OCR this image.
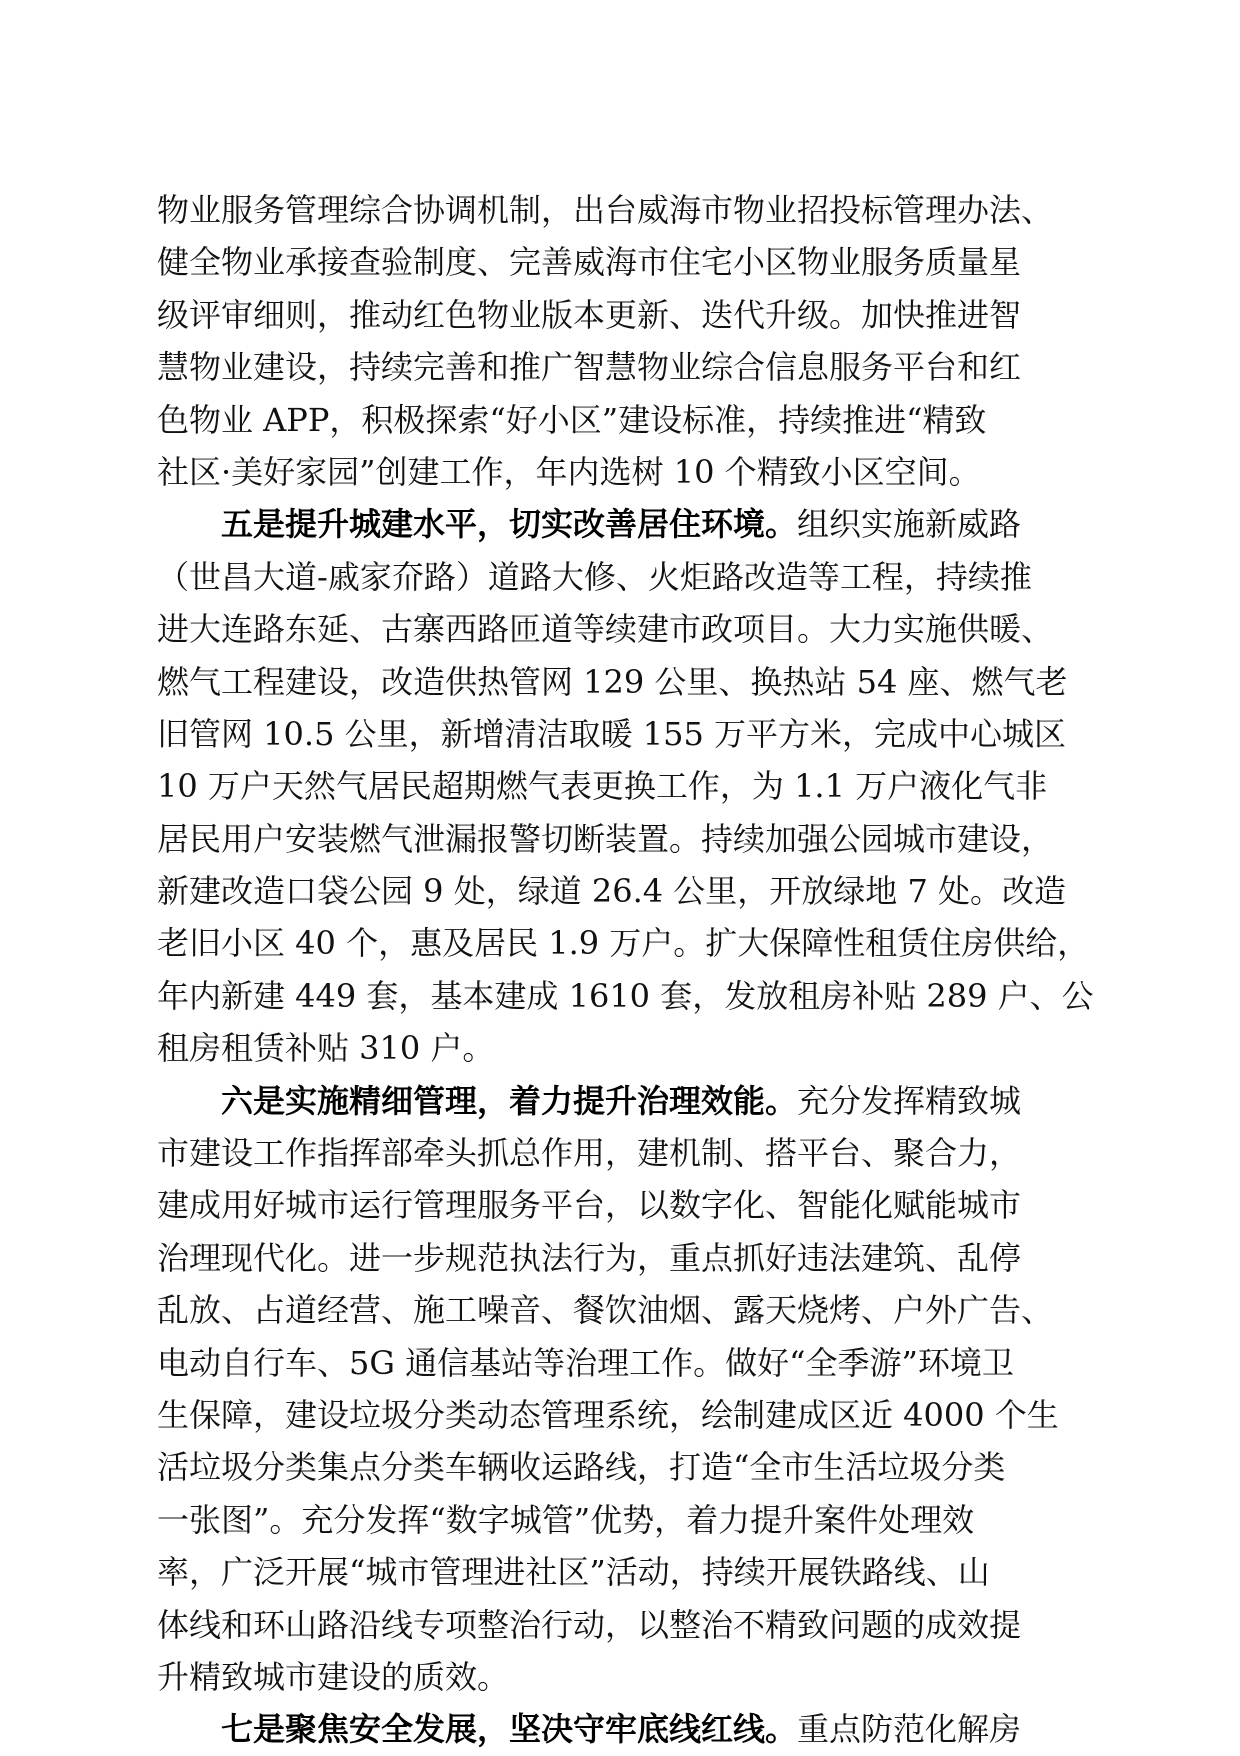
物业服务管理综合协调机制，出台威海市物业招投标管理办法、
健全物业承接查验制度、完善威海市住宅小区物业服务质量星
级评审细则，推动红色物业版本更新、迭代升级。加快推进智
慧物业建设，持续完善和推广智慧物业综合信息服务平台和红
色物业 APP，积极探索“好小区”建设标准，持续推进“精致
社区·美好家园”创建工作，年内选树 10 个精致小区空间。
五是提升城建水平，切实改善居住环境。组织实施新威路
（世昌大道-戚家夼路）道路大修、火炬路改造等工程，持续推
进大连路东延、古寨西路匝道等续建市政项目。大力实施供暖、
燃气工程建设，改造供热管网 129 公里、换热站 54 座、燃气老
旧管网 10.5 公里，新增清洁取暖 155 万平方米，完成中心城区
10 万户天然气居民超期燃气表更换工作，为 1.1 万户液化气非
居民用户安装燃气泄漏报警切断装置。持续加强公园城市建设，
新建改造口袋公园 9 处，绿道 26.4 公里，开放绿地 7 处。改造
老旧小区 40 个，惠及居民 1.9 万户。扩大保障性租赁住房供给，
年内新建 449 套，基本建成 1610 套，发放租房补贴 289 户、公
租房租赁补贴 310 户。
六是实施精细管理，着力提升治理效能。充分发挥精致城
市建设工作指挥部牵头抓总作用，建机制、搭平台、聚合力，
建成用好城市运行管理服务平台，以数字化、智能化赋能城市
治理现代化。进一步规范执法行为，重点抓好违法建筑、乱停
乱放、占道经营、施工噪音、餐饮油烟、露天烧烤、户外广告、
电动自行车、5G 通信基站等治理工作。做好“全季游”环境卫
生保障，建设垃圾分类动态管理系统，绘制建成区近 4000 个生
活垃圾分类集点分类车辆收运路线，打造“全市生活垃圾分类
一张图”。充分发挥“数字城管”优势，着力提升案件处理效
率，广泛开展“城市管理进社区”活动，持续开展铁路线、山
体线和环山路沿线专项整治行动，以整治不精致问题的成效提
升精致城市建设的质效。
七是聚焦安全发展，坚决守牢底线红线。重点防范化解房
